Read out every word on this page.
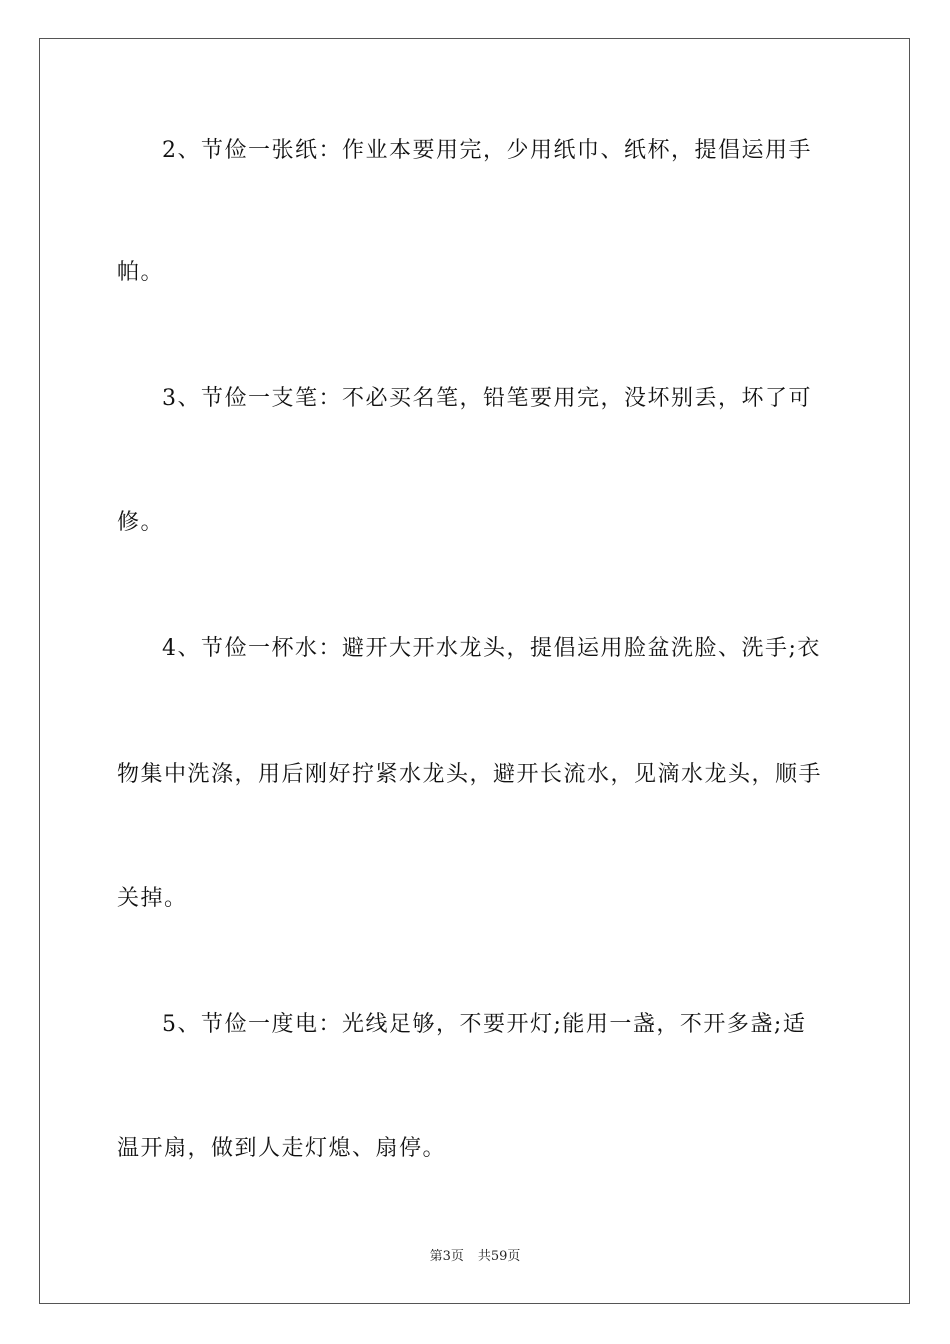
2、节俭一张纸：作业本要用完，少用纸巾、纸杯，提倡运用手
帕。
3、节俭一支笔：不必买名笔，铅笔要用完，没坏别丢，坏了可
修。
4、节俭一杯水：避开大开水龙头，提倡运用脸盆洗脸、洗手;衣
物集中洗涤，用后刚好拧紧水龙头，避开长流水，见滴水龙头，顺手
关掉。
5、节俭一度电：光线足够，不要开灯;能用一盏，不开多盏;适
温开扇，做到人走灯熄、扇停。
第3页 共59页
